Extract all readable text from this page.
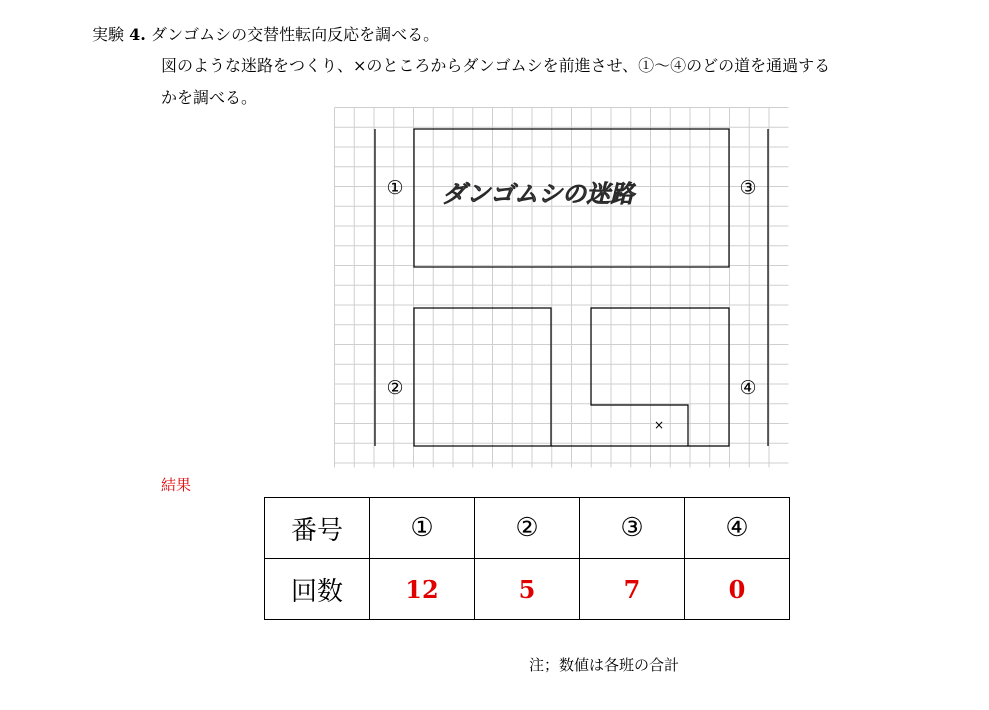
実験 4. ダンゴムシの交替性転向反応を調べる。
図のような迷路をつくり、×のところからダンゴムシを前進させ、①～④のどの道を通過する
かを調べる。
ダンゴムシの迷路
①	③
②	④
×
結果
番号	①	②	③	④
回数	12	5	7	0
注；数値は各班の合計
